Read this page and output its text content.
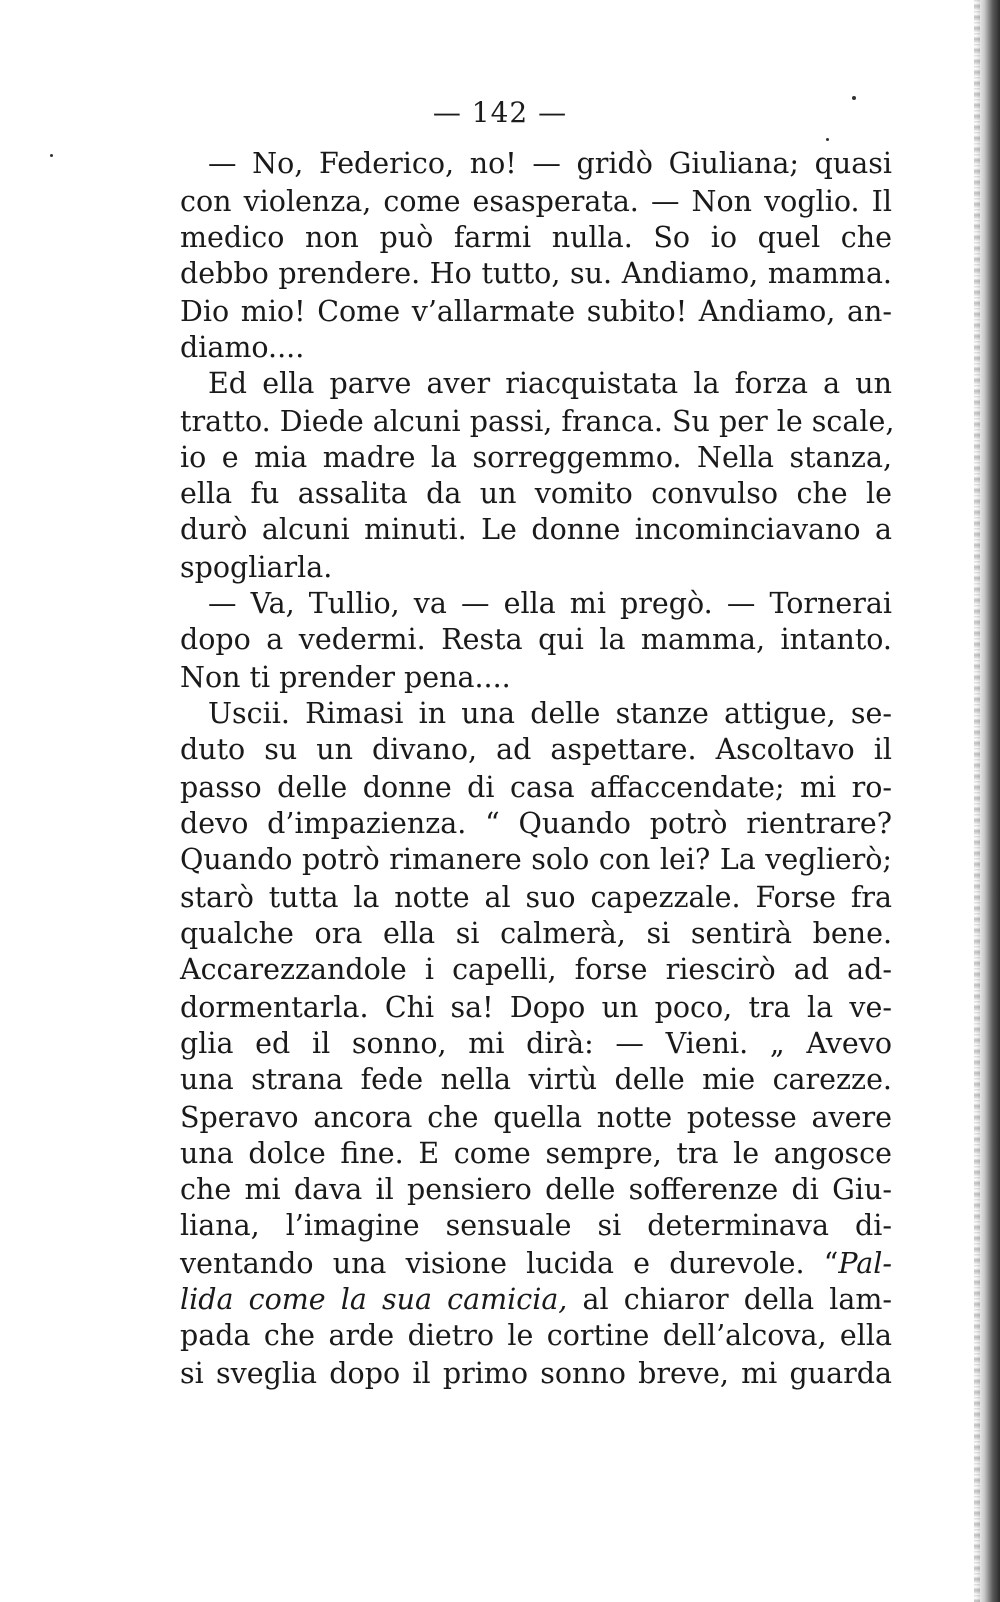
— 142 —
— No, Federico, no! — gridò Giuliana; quasi
con violenza, come esasperata. — Non voglio. Il
medico non può farmi nulla. So io quel che
debbo prendere. Ho tutto, su. Andiamo, mamma.
Dio mio! Come v’allarmate subito! Andiamo, an-
diamo....
Ed ella parve aver riacquistata la forza a un
tratto. Diede alcuni passi, franca. Su per le scale,
io e mia madre la sorreggemmo. Nella stanza,
ella fu assalita da un vomito convulso che le
durò alcuni minuti. Le donne incominciavano a
spogliarla.
— Va, Tullio, va — ella mi pregò. — Tornerai
dopo a vedermi. Resta qui la mamma, intanto.
Non ti prender pena....
Uscii. Rimasi in una delle stanze attigue, se-
duto su un divano, ad aspettare. Ascoltavo il
passo delle donne di casa affaccendate; mi ro-
devo d’impazienza. “ Quando potrò rientrare?
Quando potrò rimanere solo con lei? La veglierò;
starò tutta la notte al suo capezzale. Forse fra
qualche ora ella si calmerà, si sentirà bene.
Accarezzandole i capelli, forse riescirò ad ad-
dormentarla. Chi sa! Dopo un poco, tra la ve-
glia ed il sonno, mi dirà: — Vieni. „ Avevo
una strana fede nella virtù delle mie carezze.
Speravo ancora che quella notte potesse avere
una dolce fine. E come sempre, tra le angosce
che mi dava il pensiero delle sofferenze di Giu-
liana, l’imagine sensuale si determinava di-
ventando una visione lucida e durevole. “Pal-
lida come la sua camicia, al chiaror della lam-
pada che arde dietro le cortine dell’alcova, ella
si sveglia dopo il primo sonno breve, mi guarda
